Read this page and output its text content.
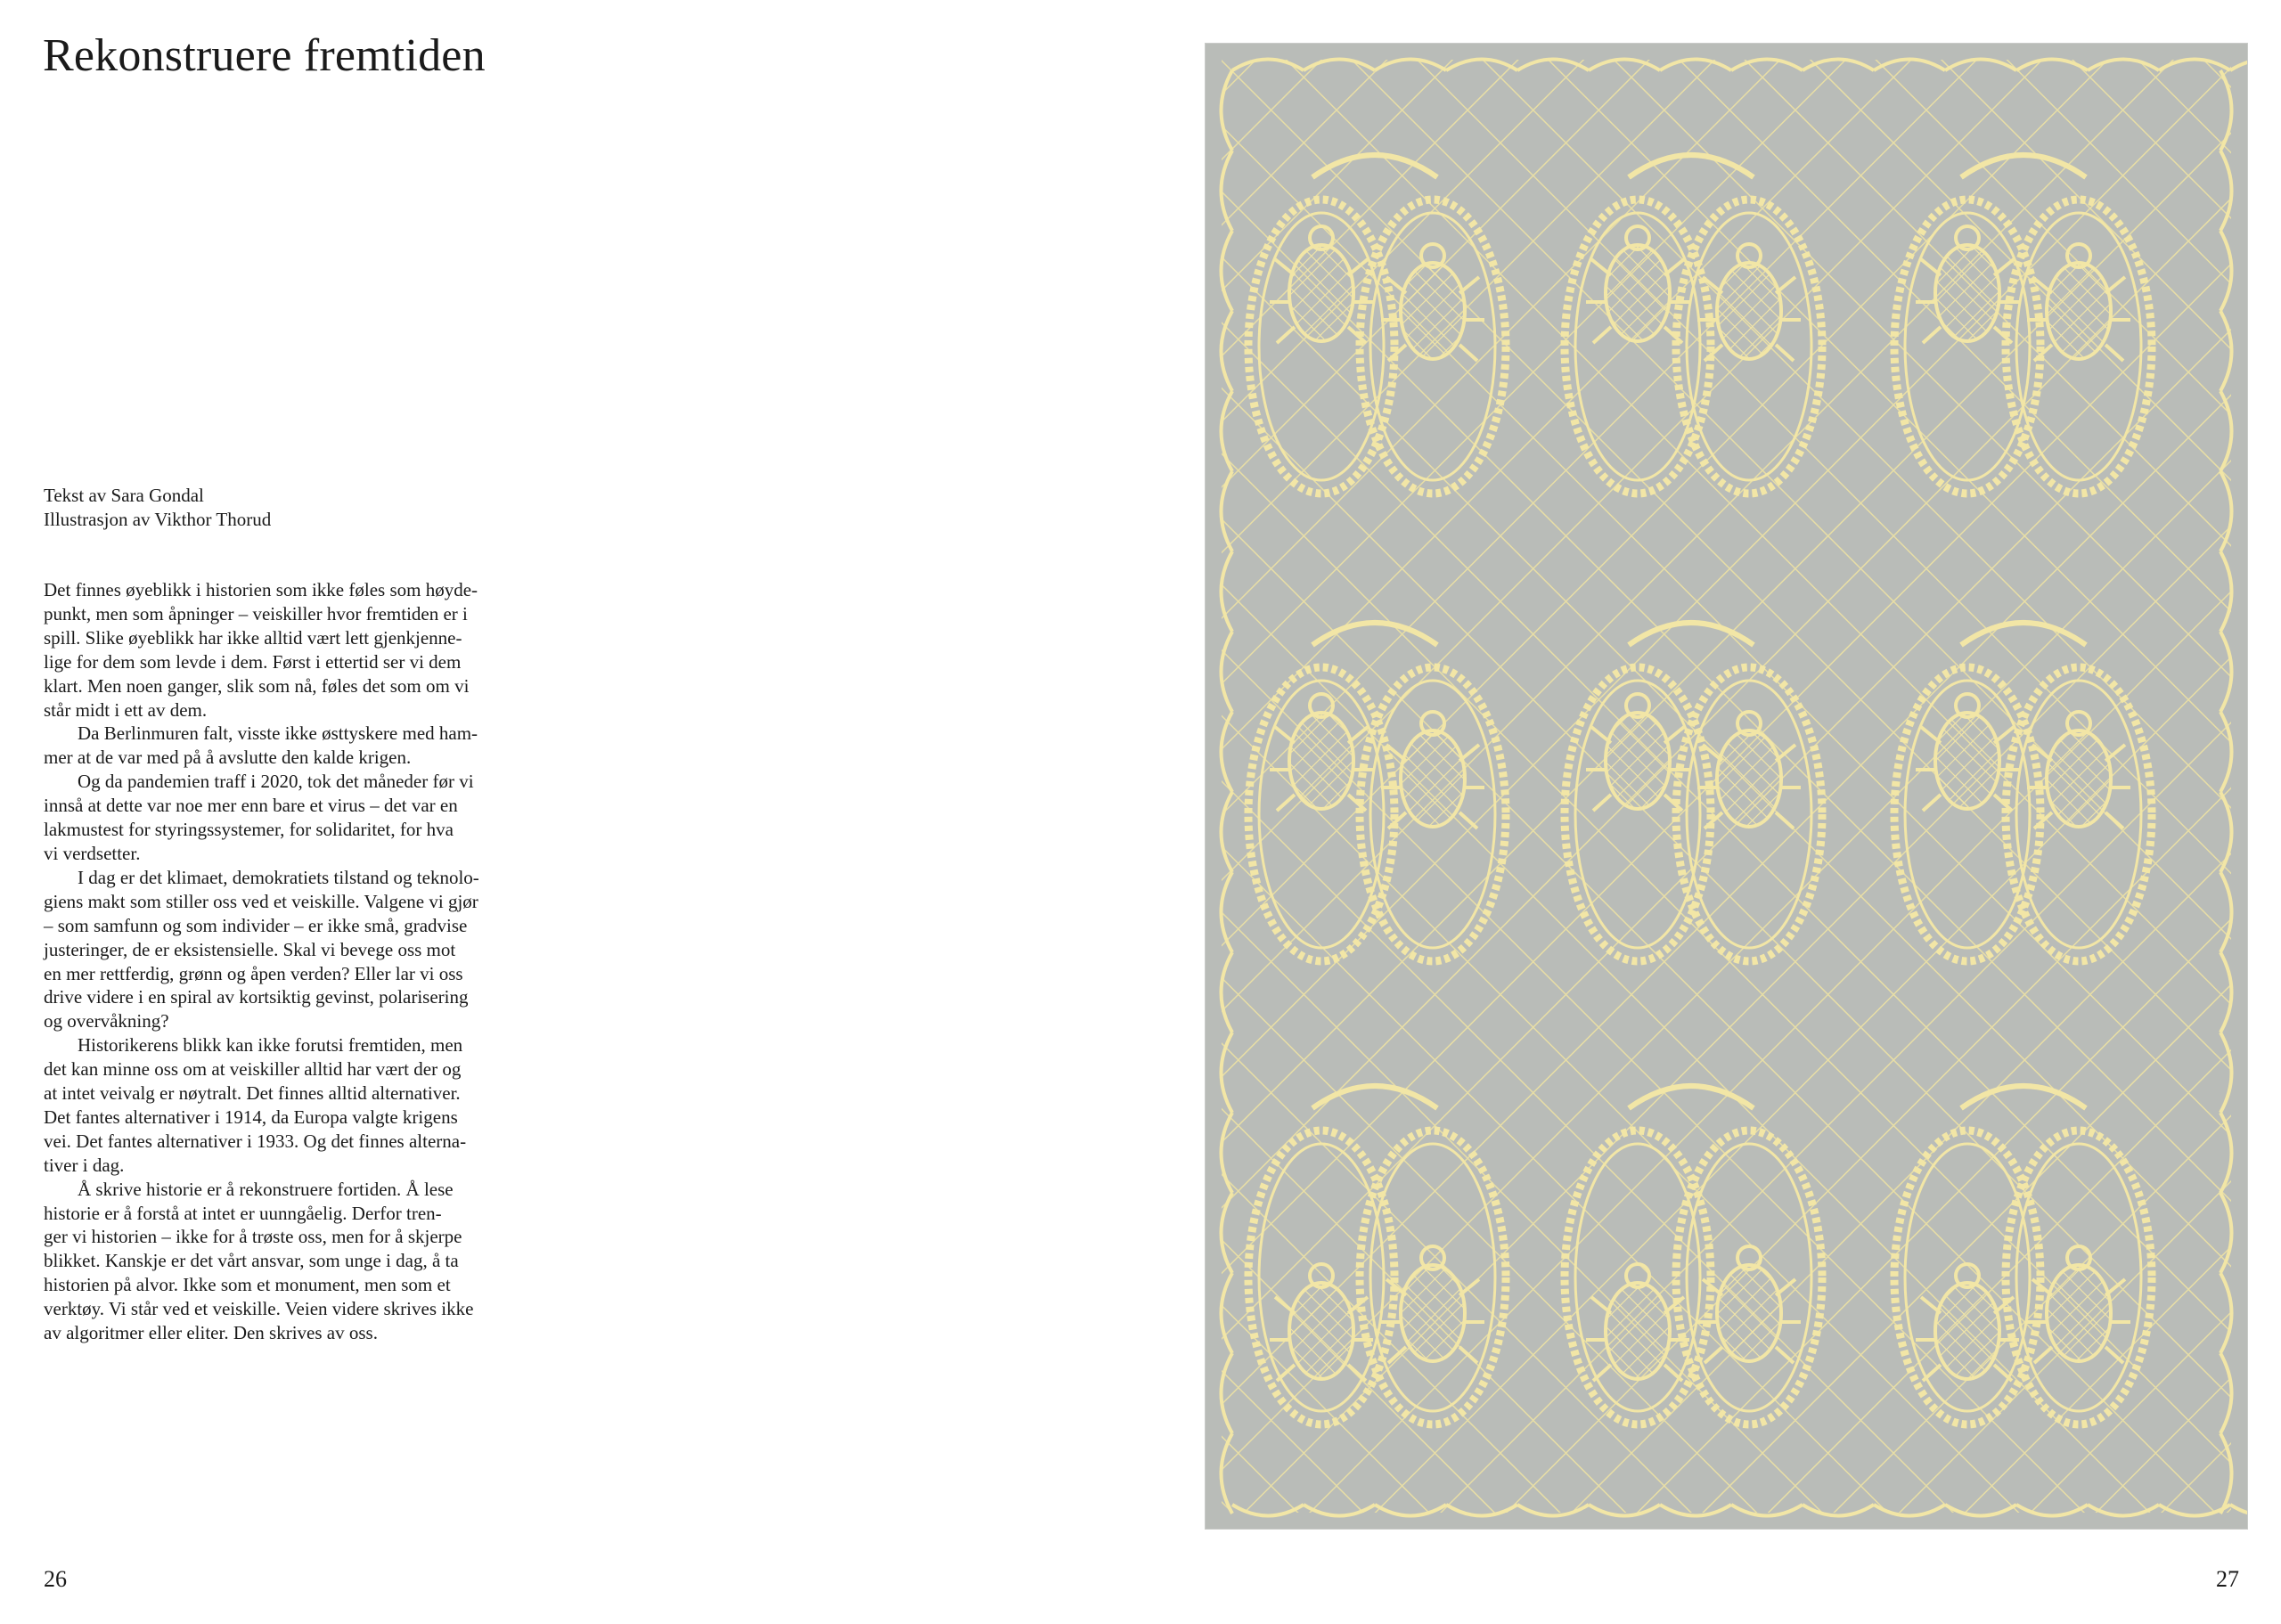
Rekonstruere fremtiden
Tekst av Sara Gondal
Illustrasjon av Vikthor Thorud
Det finnes øyeblikk i historien som ikke føles som høyde-
punkt, men som åpninger – veiskiller hvor fremtiden er i
spill. Slike øyeblikk har ikke alltid vært lett gjenkjenne-
lige for dem som levde i dem. Først i ettertid ser vi dem
klart. Men noen ganger, slik som nå, føles det som om vi
står midt i ett av dem.
Da Berlinmuren falt, visste ikke østtyskere med ham-
mer at de var med på å avslutte den kalde krigen.
Og da pandemien traff i 2020, tok det måneder før vi
innså at dette var noe mer enn bare et virus – det var en
lakmustest for styringssystemer, for solidaritet, for hva
vi verdsetter.
I dag er det klimaet, demokratiets tilstand og teknolo-
giens makt som stiller oss ved et veiskille. Valgene vi gjør
– som samfunn og som individer – er ikke små, gradvise
justeringer, de er eksistensielle. Skal vi bevege oss mot
en mer rettferdig, grønn og åpen verden? Eller lar vi oss
drive videre i en spiral av kortsiktig gevinst, polarisering
og overvåkning?
Historikerens blikk kan ikke forutsi fremtiden, men
det kan minne oss om at veiskiller alltid har vært der og
at intet veivalg er nøytralt. Det finnes alltid alternativer.
Det fantes alternativer i 1914, da Europa valgte krigens
vei. Det fantes alternativer i 1933. Og det finnes alterna-
tiver i dag.
Å skrive historie er å rekonstruere fortiden. Å lese
historie er å forstå at intet er uunngåelig. Derfor tren-
ger vi historien – ikke for å trøste oss, men for å skjerpe
blikket. Kanskje er det vårt ansvar, som unge i dag, å ta
historien på alvor. Ikke som et monument, men som et
verktøy. Vi står ved et veiskille. Veien videre skrives ikke
av algoritmer eller eliter. Den skrives av oss.
26	27
